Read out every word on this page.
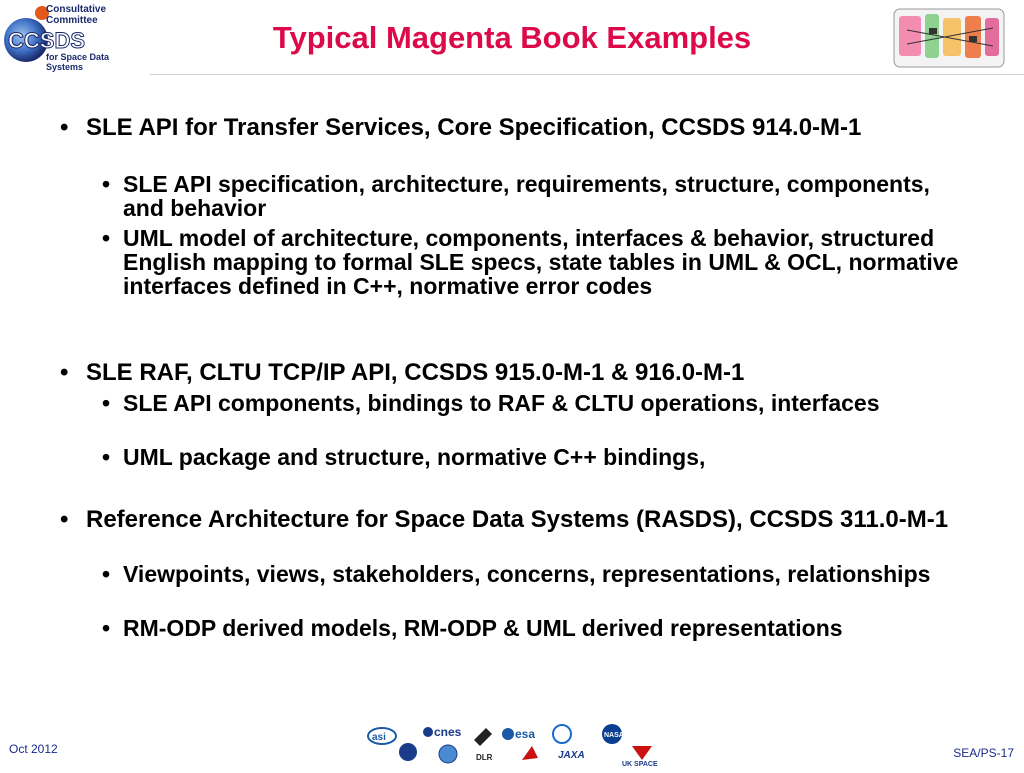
CCSDS
Consultative Committee
for Space Data Systems
Typical Magenta Book Examples
• SLE API for Transfer Services, Core Specification, CCSDS 914.0-M-1
• SLE API specification, architecture, requirements, structure, components, and behavior
• UML model of architecture, components, interfaces & behavior, structured English mapping to formal SLE specs, state tables in UML & OCL, normative interfaces defined in C++, normative error codes
• SLE RAF, CLTU TCP/IP API, CCSDS 915.0-M-1 & 916.0-M-1
• SLE API components, bindings to RAF & CLTU operations, interfaces
• UML package and structure, normative C++ bindings,
• Reference Architecture for Space Data Systems (RASDS), CCSDS 311.0-M-1
• Viewpoints, views, stakeholders, concerns, representations, relationships
• RM-ODP derived models, RM-ODP & UML derived representations
Oct 2012
asi	cnes
DLR
esa
JAXA
NASA
UK SPACE
SEA/PS-17
